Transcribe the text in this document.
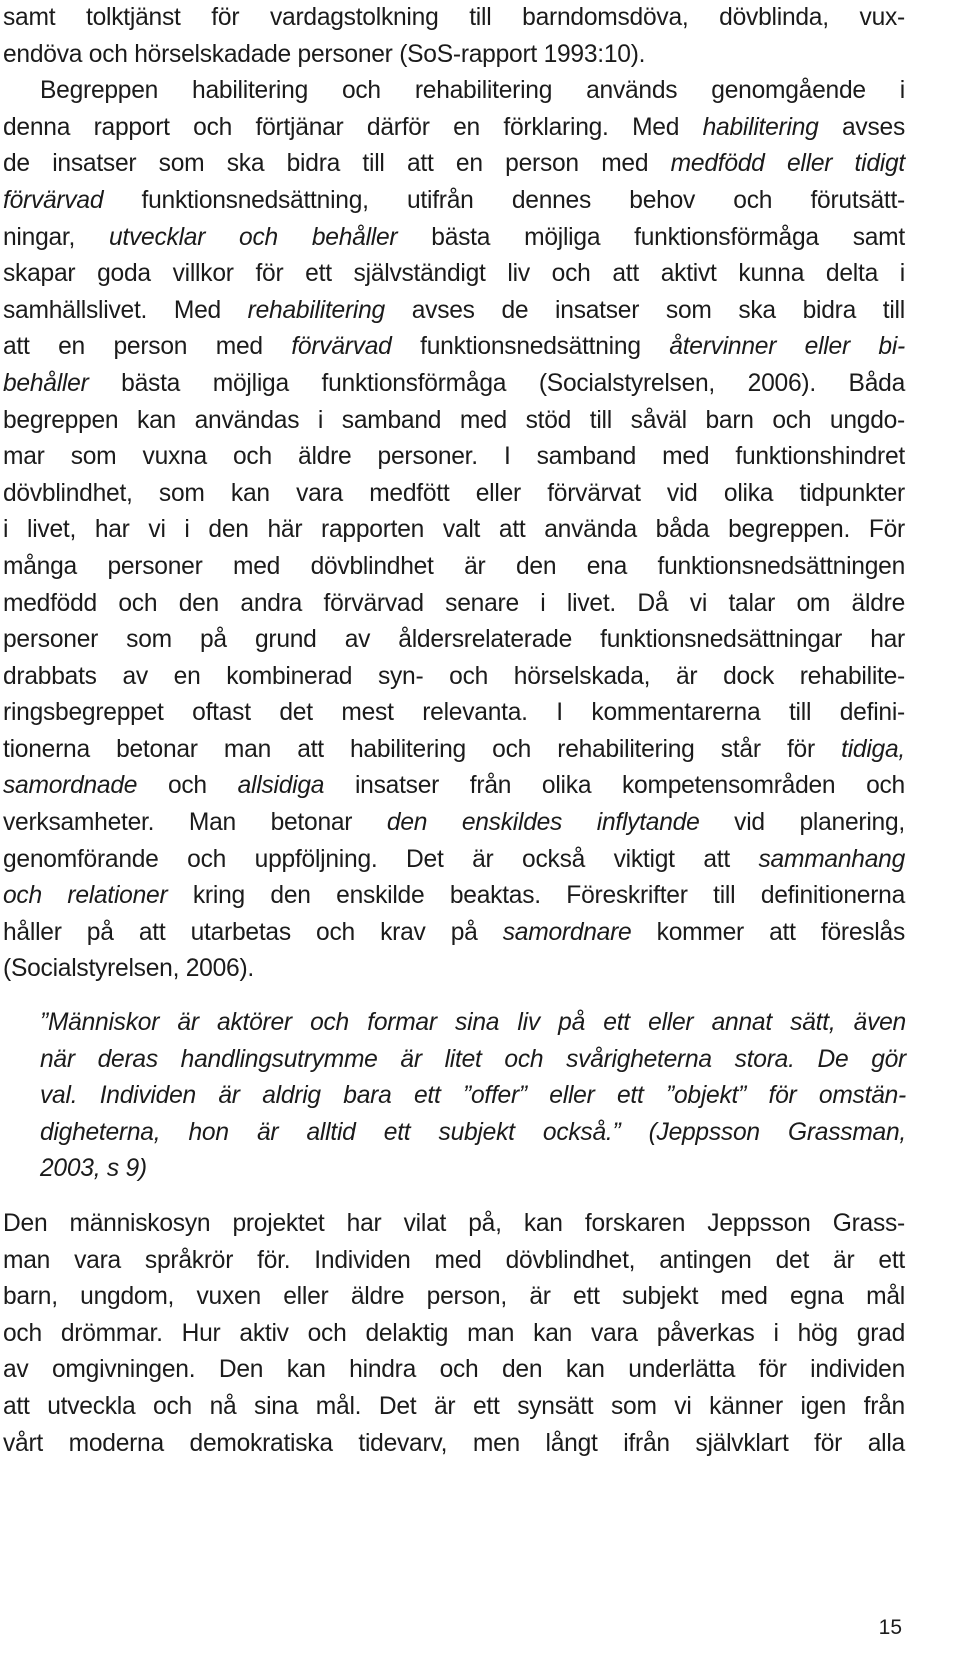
samt tolktjänst för vardagstolkning till barndomsdöva, dövblinda, vux-
endöva och hörselskadade personer (SoS-rapport 1993:10).
Begreppen habilitering och rehabilitering används genomgående i
denna rapport och förtjänar därför en förklaring. Med habilitering avses
de insatser som ska bidra till att en person med medfödd eller tidigt
förvärvad funktionsnedsättning, utifrån dennes behov och förutsätt-
ningar, utvecklar och behåller bästa möjliga funktionsförmåga samt
skapar goda villkor för ett självständigt liv och att aktivt kunna delta i
samhällslivet. Med rehabilitering avses de insatser som ska bidra till
att en person med förvärvad funktionsnedsättning återvinner eller bi-
behåller bästa möjliga funktionsförmåga (Socialstyrelsen, 2006). Båda
begreppen kan användas i samband med stöd till såväl barn och ungdo-
mar som vuxna och äldre personer. I samband med funktionshindret
dövblindhet, som kan vara medfött eller förvärvat vid olika tidpunkter
i livet, har vi i den här rapporten valt att använda båda begreppen. För
många personer med dövblindhet är den ena funktionsnedsättningen
medfödd och den andra förvärvad senare i livet. Då vi talar om äldre
personer som på grund av åldersrelaterade funktionsnedsättningar har
drabbats av en kombinerad syn- och hörselskada, är dock rehabilite-
ringsbegreppet oftast det mest relevanta. I kommentarerna till defini-
tionerna betonar man att habilitering och rehabilitering står för tidiga,
samordnade och allsidiga insatser från olika kompetensområden och
verksamheter. Man betonar den enskildes inflytande vid planering,
genomförande och uppföljning. Det är också viktigt att sammanhang
och relationer kring den enskilde beaktas. Föreskrifter till definitionerna
håller på att utarbetas och krav på samordnare kommer att föreslås
(Socialstyrelsen, 2006).
”Människor är aktörer och formar sina liv på ett eller annat sätt, även
när deras handlingsutrymme är litet och svårigheterna stora. De gör
val. Individen är aldrig bara ett ”offer” eller ett ”objekt” för omstän-
digheterna, hon är alltid ett subjekt också.” (Jeppsson Grassman,
2003, s 9)
Den människosyn projektet har vilat på, kan forskaren Jeppsson Grass-
man vara språkrör för. Individen med dövblindhet, antingen det är ett
barn, ungdom, vuxen eller äldre person, är ett subjekt med egna mål
och drömmar. Hur aktiv och delaktig man kan vara påverkas i hög grad
av omgivningen. Den kan hindra och den kan underlätta för individen
att utveckla och nå sina mål. Det är ett synsätt som vi känner igen från
vårt moderna demokratiska tidevarv, men långt ifrån självklart för alla
15
